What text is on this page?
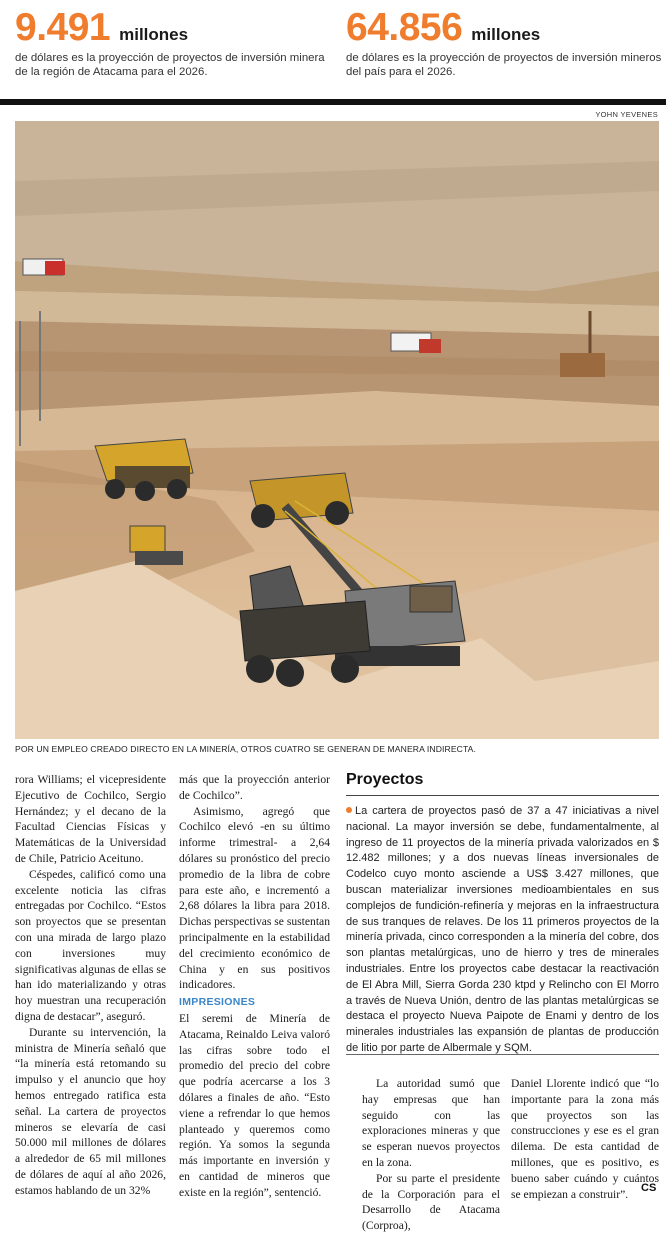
9.491 millones
de dólares es la proyección de proyectos de inversión minera de la región de Atacama para el 2026.
64.856 millones
de dólares es la proyección de proyectos de inversión mineros del país para el 2026.
YOHN YEVENES
POR UN EMPLEO CREADO DIRECTO EN LA MINERÍA, OTROS CUATRO SE GENERAN DE MANERA INDIRECTA.

rora Williams; el vicepresidente Ejecutivo de Cochilco, Sergio Hernández; y el decano de la Facultad Ciencias Físicas y Matemáticas de la Universidad de Chile, Patricio Aceituno.

Céspedes, calificó como una excelente noticia las cifras entregadas por Cochilco. “Estos son proyectos que se presentan con una mirada de largo plazo con inversiones muy significativas algunas de ellas se han ido materializando y otras hoy muestran una recuperación digna de destacar”, aseguró.

Durante su intervención, la ministra de Minería señaló que “la minería está retomando su impulso y el anuncio que hoy hemos entregado ratifica esta señal. La cartera de proyectos mineros se elevaría de casi 50.000 mil millones de dólares a alrededor de 65 mil millones de dólares de aquí al año 2026, estamos hablando de un 32%

más que la proyección anterior de Cochilco”.

Asimismo, agregó que Cochilco elevó -en su último informe trimestral- a 2,64 dólares su pronóstico del precio promedio de la libra de cobre para este año, e incrementó a 2,68 dólares la libra para 2018. Dichas perspectivas se sustentan principalmente en la estabilidad del crecimiento económico de China y en sus positivos indicadores.

IMPRESIONES

El seremi de Minería de Atacama, Reinaldo Leiva valoró las cifras sobre todo el promedio del precio del cobre que podría acercarse a los 3 dólares a finales de año. “Esto viene a refrendar lo que hemos planteado y queremos como región. Ya somos la segunda más importante en inversión y en cantidad de mineros que existe en la región”, sentenció.

Proyectos
La cartera de proyectos pasó de 37 a 47 iniciativas a nivel nacional. La mayor inversión se debe, fundamentalmente, al ingreso de 11 proyectos de la minería privada valorizados en $ 12.482 millones; y a dos nuevas líneas inversionales de Codelco cuyo monto asciende a US$ 3.427 millones, que buscan materializar inversiones medioambientales en sus complejos de fundición-refinería y mejoras en la infraestructura de sus tranques de relaves. De los 11 primeros proyectos de la minería privada, cinco corresponden a la minería del cobre, dos son plantas metalúrgicas, uno de hierro y tres de minerales industriales. Entre los proyectos cabe destacar la reactivación de El Abra Mill, Sierra Gorda 230 ktpd y Relincho con El Morro a través de Nueva Unión, dentro de las plantas metalúrgicas se destaca el proyecto Nueva Paipote de Enami y dentro de los minerales industriales las expansión de plantas de producción de litio por parte de Albermale y SQM.

La autoridad sumó que hay empresas que han seguido con las exploraciones mineras y que se esperan nuevos proyectos en la zona.

Por su parte el presidente de la Corporación para el Desarrollo de Atacama (Corproa),

Daniel Llorente indicó que “lo importante para la zona más que proyectos son las construcciones y ese es el gran dilema. De esta cantidad de millones, que es positivo, es bueno saber cuándo y cuántos se empiezan a construir”.	CS
